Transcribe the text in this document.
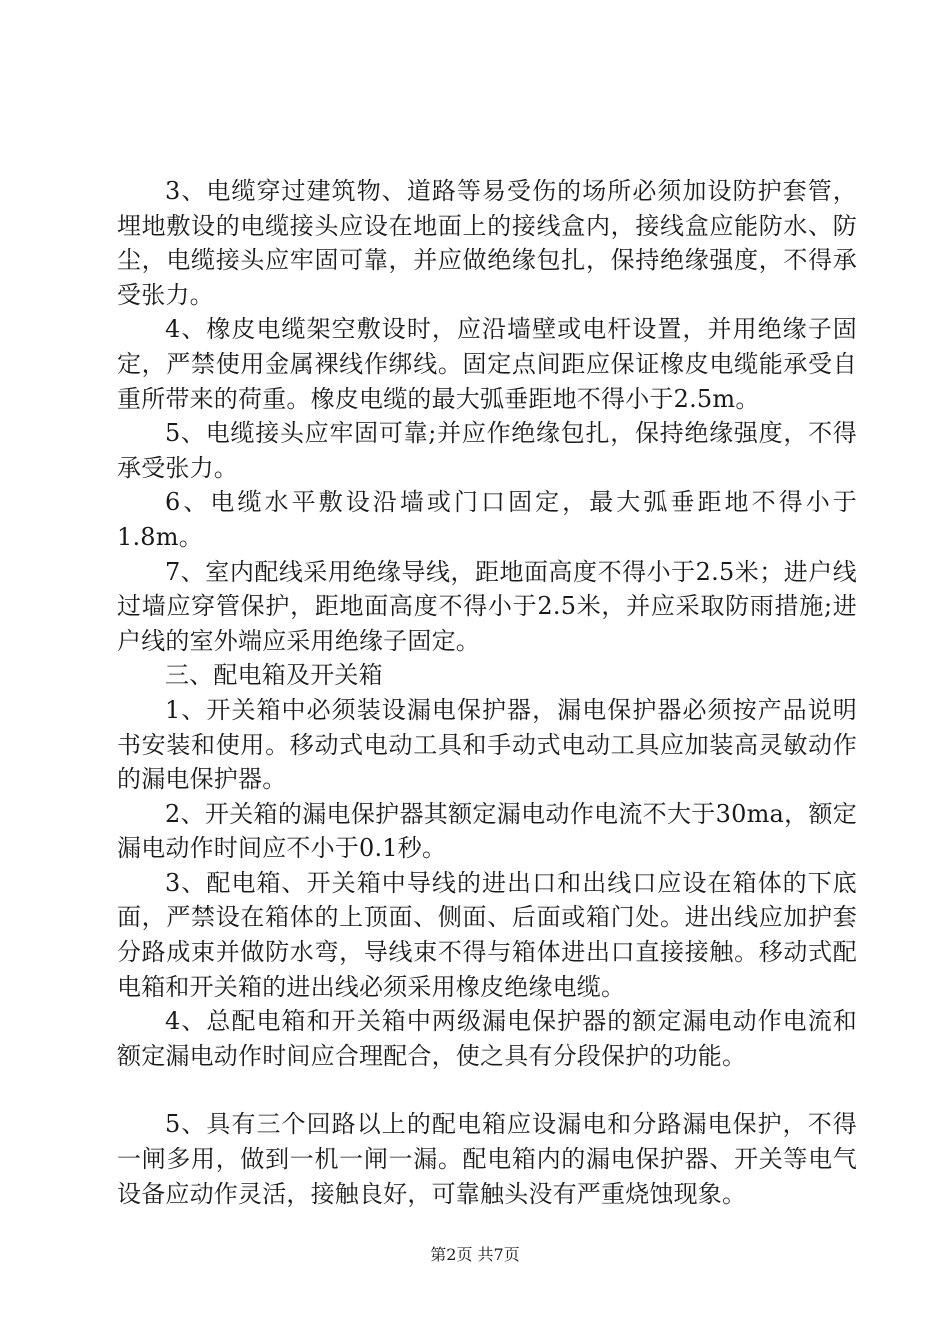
3、电缆穿过建筑物、道路等易受伤的场所必须加设防护套管，埋地敷设的电缆接头应设在地面上的接线盒内，接线盒应能防水、防尘，电缆接头应牢固可靠，并应做绝缘包扎，保持绝缘强度，不得承受张力。

4、橡皮电缆架空敷设时，应沿墙壁或电杆设置，并用绝缘子固定，严禁使用金属裸线作绑线。固定点间距应保证橡皮电缆能承受自重所带来的荷重。橡皮电缆的最大弧垂距地不得小于2.5m。

5、电缆接头应牢固可靠;并应作绝缘包扎，保持绝缘强度，不得承受张力。

6、电缆水平敷设沿墙或门口固定，最大弧垂距地不得小于1.8m。

7、室内配线采用绝缘导线，距地面高度不得小于2.5米；进户线过墙应穿管保护，距地面高度不得小于2.5米，并应采取防雨措施;进户线的室外端应采用绝缘子固定。

三、配电箱及开关箱

1、开关箱中必须装设漏电保护器，漏电保护器必须按产品说明书安装和使用。移动式电动工具和手动式电动工具应加装高灵敏动作的漏电保护器。

2、开关箱的漏电保护器其额定漏电动作电流不大于30ma，额定漏电动作时间应不小于0.1秒。

3、配电箱、开关箱中导线的进出口和出线口应设在箱体的下底面，严禁设在箱体的上顶面、侧面、后面或箱门处。进出线应加护套分路成束并做防水弯，导线束不得与箱体进出口直接接触。移动式配电箱和开关箱的进出线必须采用橡皮绝缘电缆。

4、总配电箱和开关箱中两级漏电保护器的额定漏电动作电流和额定漏电动作时间应合理配合，使之具有分段保护的功能。

5、具有三个回路以上的配电箱应设漏电和分路漏电保护，不得一闸多用，做到一机一闸一漏。配电箱内的漏电保护器、开关等电气设备应动作灵活，接触良好，可靠触头没有严重烧蚀现象。

第2页 共7页
